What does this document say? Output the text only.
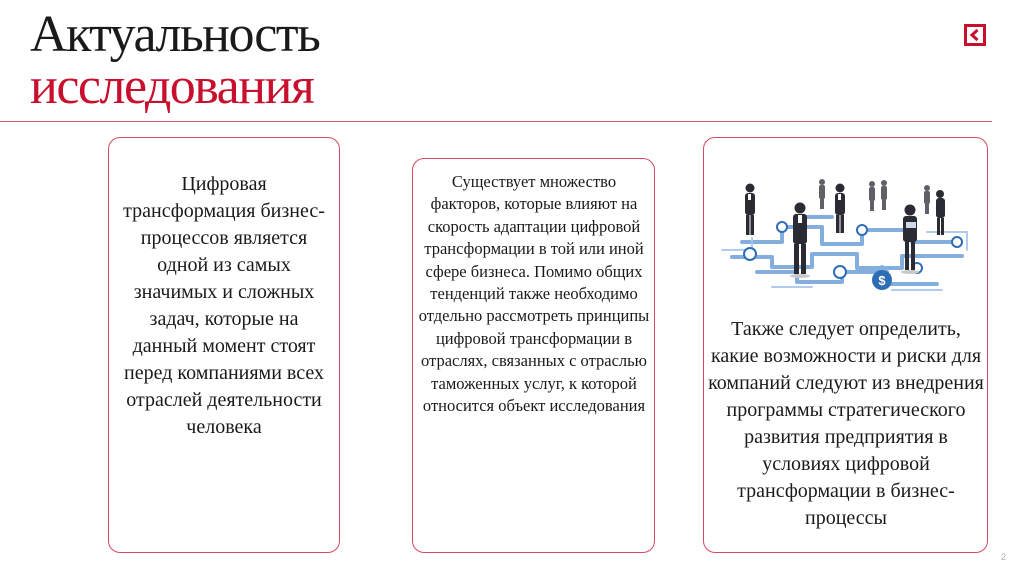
Актуальность
исследования
Цифровая трансформация бизнес-процессов является одной из самых значимых и сложных задач, которые на данный момент стоят перед компаниями всех отраслей деятельности человека
Существует множество факторов, которые влияют на скорость адаптации цифровой трансформации в той или иной сфере бизнеса. Помимо общих тенденций также необходимо отдельно рассмотреть принципы цифровой трансформации в отраслях, связанных с отраслью таможенных услуг, к которой относится объект исследования
$
Также следует определить, какие возможности и риски для компаний следуют из внедрения программы стратегического развития предприятия в условиях цифровой трансформации в бизнес-процессы
2
